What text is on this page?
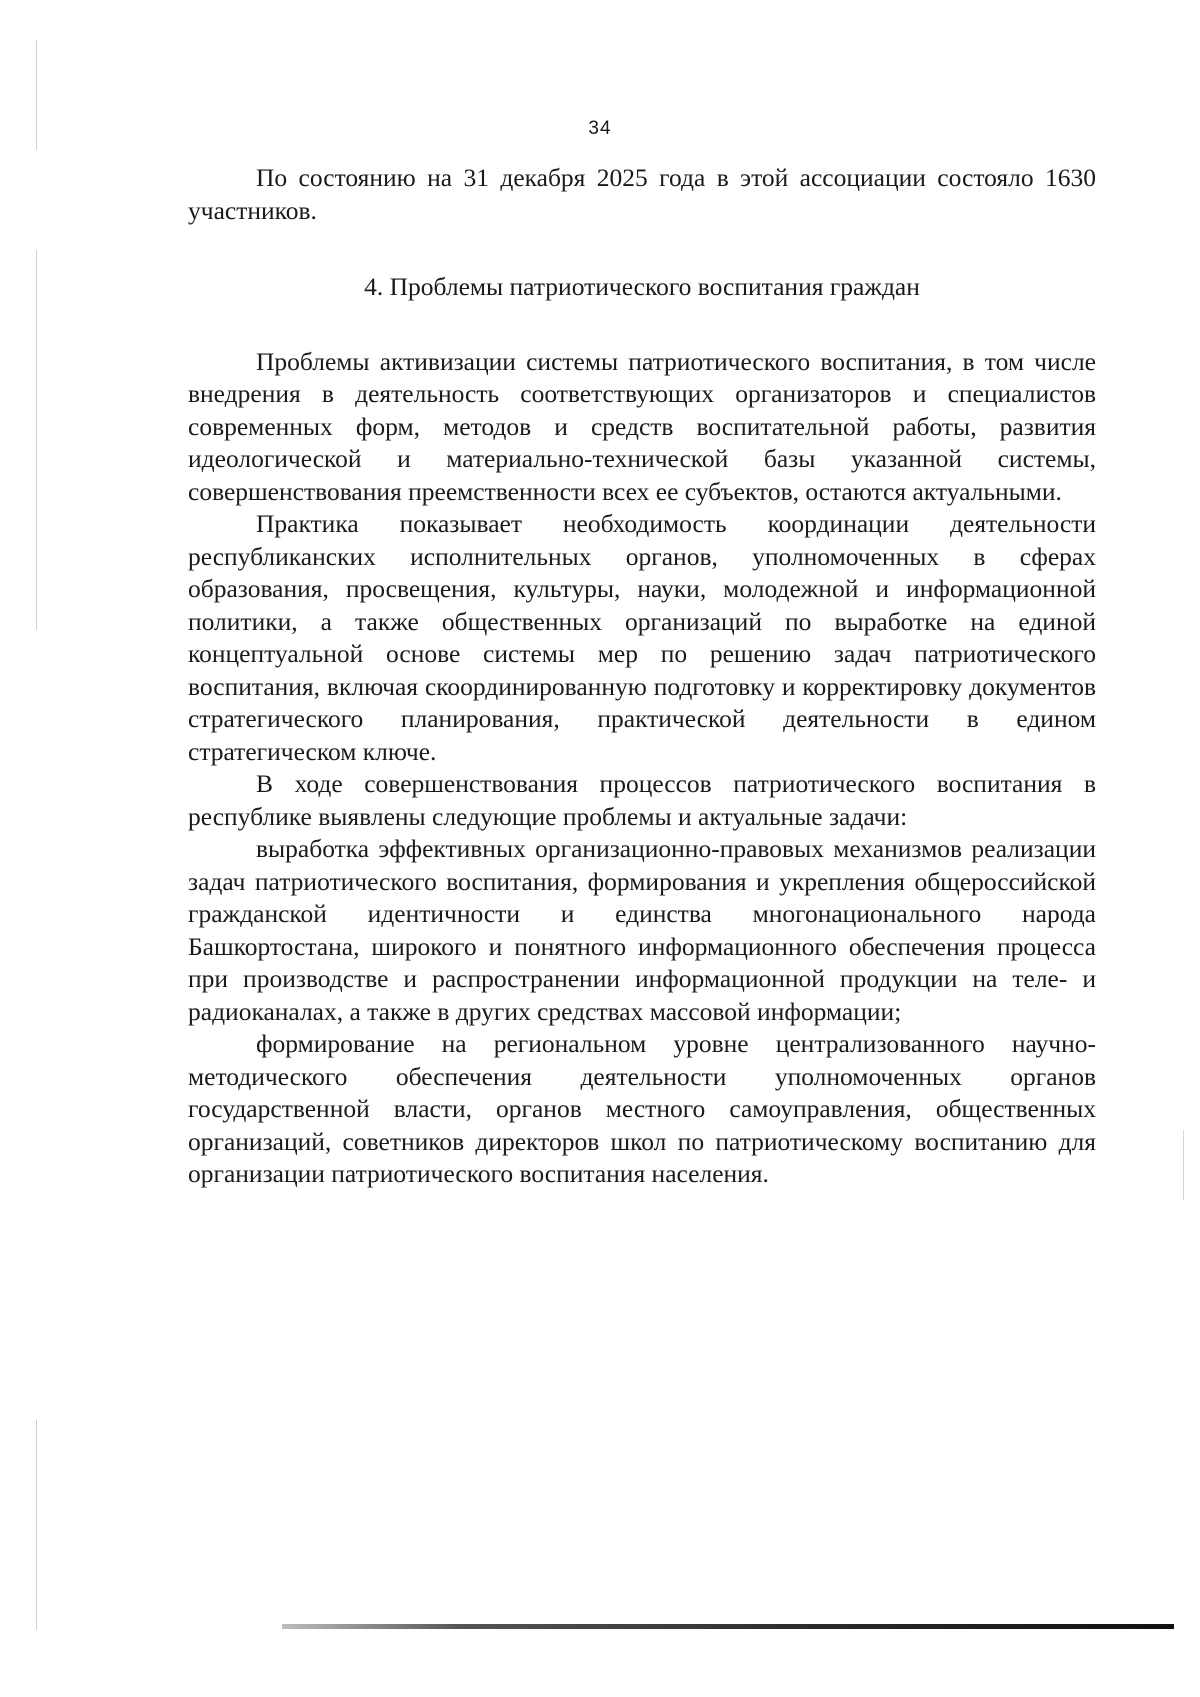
34

По состоянию на 31 декабря 2025 года в этой ассоциации состояло 1630 участников.

4. Проблемы патриотического воспитания граждан

Проблемы активизации системы патриотического воспитания, в том числе внедрения в деятельность соответствующих организаторов и специалистов современных форм, методов и средств воспитательной работы, развития идеологической и материально-технической базы указанной системы, совершенствования преемственности всех ее субъектов, остаются актуальными.

Практика показывает необходимость координации деятельности республиканских исполнительных органов, уполномоченных в сферах образования, просвещения, культуры, науки, молодежной и информационной политики, а также общественных организаций по выработке на единой концептуальной основе системы мер по решению задач патриотического воспитания, включая скоординированную подготовку и корректировку документов стратегического планирования, практической деятельности в едином стратегическом ключе.

В ходе совершенствования процессов патриотического воспитания в республике выявлены следующие проблемы и актуальные задачи:

выработка эффективных организационно-правовых механизмов реализации задач патриотического воспитания, формирования и укрепления общероссийской гражданской идентичности и единства многонационального народа Башкортостана, широкого и понятного информационного обеспечения процесса при производстве и распространении информационной продукции на теле- и радиоканалах, а также в других средствах массовой информации;

формирование на региональном уровне централизованного научно-методического обеспечения деятельности уполномоченных органов государственной власти, органов местного самоуправления, общественных организаций, советников директоров школ по патриотическому воспитанию для организации патриотического воспитания населения.
